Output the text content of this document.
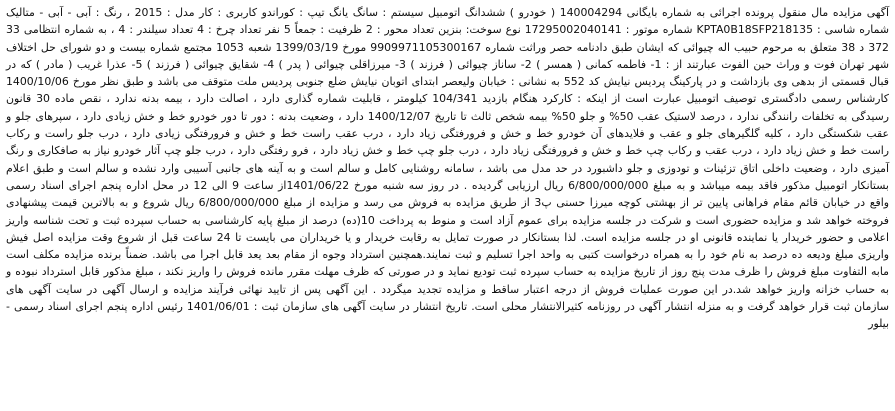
آگهی مزایده مال منقول پرونده اجرائی به شماره بایگانی 140004294 ( خودرو ) ششدانگ اتومبیل سیستم : سانگ یانگ تیپ : کوراندو کاربری : کار مدل : 2015 ، رنگ : آبی - آبی - متالیک شماره شاسی : KPTA0B18SFP218135 شماره موتور : 17295002040141 نوع سوخت: بنزین تعداد محور : 2 ظرفیت : جمعاً 5 نفر تعداد چرخ : 4 تعداد سیلندر : 4 ، به شماره انتظامی 33 372 د 38 متعلق به مرحوم حبیب اله چیوائی که ایشان طبق دادنامه حصر وراثت شماره 9909971105300167 مورخ 1399/03/19 شعبه 1053 مجتمع شماره بیست و دو شورای حل اختلاف شهر تهران فوت و وراث حین الفوت عبارتند از : 1- فاطمه کمانی ( همسر ) 2- ساناز چیوائی ( فرزند ) 3- میرزاقلی چیوائی ( پدر ) 4- شقایق چیوائی ( فرزند ) 5- عذرا غریب ( مادر ) که در قبال قسمتی از بدهی وی بازداشت و در پارکینگ پردیس نیایش کد 552 به نشانی : خیابان ولیعصر ابتدای اتوبان نیایش ضلع جنوبی پردیس ملت متوقف می باشد و طبق نظر مورخ 1400/10/06 کارشناس رسمی دادگستری توصیف اتومبیل عبارت است از اینکه : کارکرد هنگام بازدید 104/341 کیلومتر ، قابلیت شماره گذاری دارد ، اصالت دارد ، بیمه بدنه ندارد ، نقص ماده 30 قانون رسیدگی به تخلفات رانندگی ندارد ، درصد لاستیک عقب 50% و جلو 50% بیمه شخص ثالث تا تاریخ 1400/12/07 دارد ، وضعیت بدنه : دور تا دور خودرو خط و خش زیادی دارد ، سپرهای جلو و عقب شکستگی دارد ، کلیه گلگیرهای جلو و عقب و فلایدهای آن خودرو خط و خش و فرورفتگی زیاد دارد ، درب عقب راست خط و خش و فرورفتگی زیادی دارد ، درب جلو راست و رکاب راست خط و خش زیاد دارد ، درب عقب و رکاب چپ خط و خش و فرورفتگی زیاد دارد ، درب جلو چپ خط و خش زیاد دارد ، فرو رفتگی دارد ، درب جلو چپ آثار خودرو نیاز به صافکاری و رنگ آمیزی دارد ، وضعیت داخلی اتاق تزئینات و تودوزی و جلو داشبورد در حد مدل می باشد ، سامانه روشنایی کامل و سالم است و به آینه های جانبی آسیبی وارد نشده و سالم است و طبق اعلام بستانکار اتومبیل مذکور فاقد بیمه میباشد و به مبلغ 6/800/000/000 ریال ارزیابی گردیده . در روز سه شنبه مورخ 1401/06/22از ساعت 9 الی 12 در محل اداره پنجم اجرای اسناد رسمی واقع در خیابان قائم مقام فراهانی پایین تر از بهشتی کوچه میرزا حسنی پ3 از طریق مزایده به فروش می رسد و مزایده از مبلغ 6/800/000/000 ریال شروع و به بالاترین قیمت پیشنهادی فروخته خواهد شد و مزایده حضوری است و شرکت در جلسه مزایده برای عموم آزاد است و منوط به پرداخت 10(ده) درصد از مبلغ پایه کارشناسی به حساب سپرده ثبت و تحت شناسه واریز اعلامی و حضور خریدار یا نماینده قانونی او در جلسه مزایده است. لذا بستانکار در صورت تمایل به رقابت خریدار و یا خریداران می بایست تا 24 ساعت قبل از شروع وقت مزایده اصل فیش واریزی مبلغ ودیعه ده درصد به نام خود را به همراه درخواست کتبی به واحد اجرا تسلیم و ثبت نمایند.همچنین استرداد وجوه از مقام بعد یعد قابل اجرا می باشد. ضمناً برنده مزایده مکلف است مابه التفاوت مبلغ فروش را ظرف مدت پنج روز از تاریخ مزایده به حساب سپرده ثبت تودیع نماید و در صورتی که ظرف مهلت مقرر مانده فروش را واریز نکند ، مبلغ مذکور قابل استرداد نبوده و به حساب خزانه واریز خواهد شد.در این صورت عملیات فروش از درجه اعتبار ساقط و مزایده تجدید میگردد . این آگهی پس از تایید نهائی فرآیند مزایده و ارسال آگهی در سایت آگهی های سازمان ثبت قرار خواهد گرفت و به منزله انتشار آگهی در روزنامه کثیرالانتشار محلی است. تاریخ انتشار در سایت آگهی های سازمان ثبت : 1401/06/01 رئیس اداره پنجم اجرای اسناد رسمی - بیلور
